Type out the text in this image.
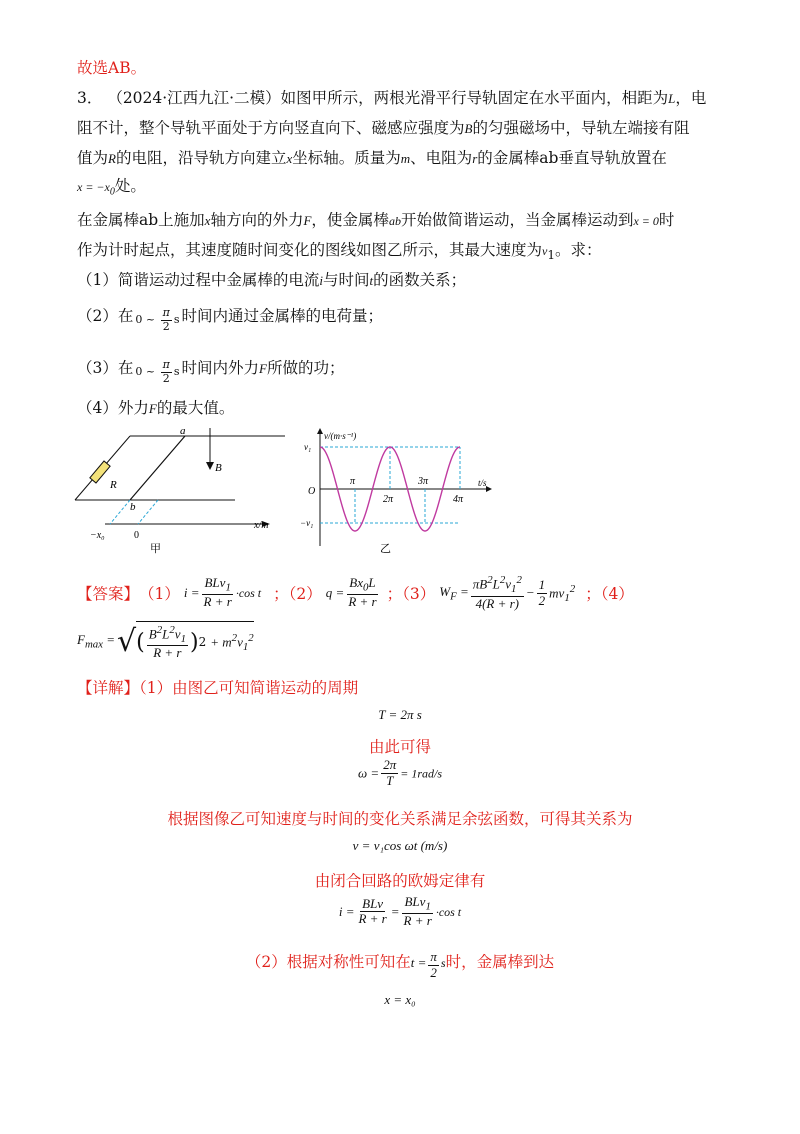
故选AB。
3． （2024·江西九江·二模）如图甲所示，两根光滑平行导轨固定在水平面内，相距为L，电
阻不计，整个导轨平面处于方向竖直向下、磁感应强度为B的匀强磁场中，导轨左端接有阻
值为R的电阻，沿导轨方向建立x坐标轴。质量为m、电阻为r的金属棒ab垂直导轨放置在
$x = -x_0$处。
在金属棒ab上施加x轴方向的外力F，使金属棒ab开始做简谐运动，当金属棒运动到x = 0时
作为计时起点，其速度随时间变化的图线如图乙所示，其最大速度为$v_1$。求：
（1）简谐运动过程中金属棒的电流i与时间t的函数关系；
（2）在 0 ~ $\frac{\pi}{2}$ s 时间内通过金属棒的电荷量；
（3）在 0 ~ $\frac{\pi}{2}$ s 时间内外力F所做的功；
（4）外力F的最大值。
a
b
B
R
−x₀	0
x/m
甲
v/(m·s⁻¹)
v₁
−v₁
O
π
2π
3π
4π
t/s
乙
【答案】 （1） $i = \frac{BLv_1}{R + r} \cdot\cos$ t ；（2） $q = \frac{Bx_0L}{R + r}$ ；（3） $W_F = \frac{\pi B^2L^2v_1^2}{4(R + r)} - \frac{1}{2} mv_1^2$ ；（4）
$F_{max}$ = √ ( $\frac{B^2L^2v_1}{R + r}$ ) $2 + m^2v_1^2$
【详解】（1）由图乙可知简谐运动的周期
T = 2π s
由此可得
$\omega = \frac{2\pi}{T} = 1rad/s$
根据图像乙可知速度与时间的变化关系满足余弦函数，可得其关系为
v = v₁cos ωt (m/s)
由闭合回路的欧姆定律有
$i = \frac{\text{BLv}}{R + r} = \frac{BLv_1}{R + r} \cdot\cos$ t
（2）根据对称性可知在$t = \frac{\pi}{2}$ s时，金属棒到达
x = x₀
